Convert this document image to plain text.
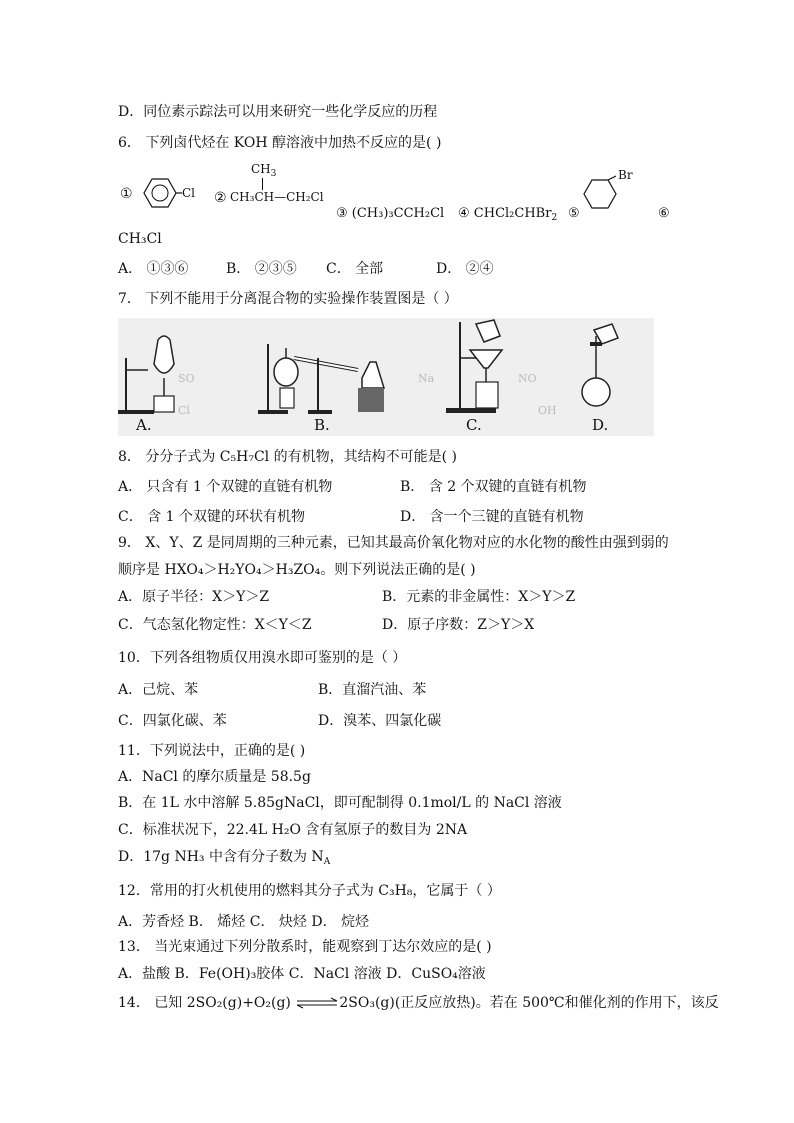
D．同位素示踪法可以用来研究一些化学反应的历程
6． 下列卤代烃在 KOH 醇溶液中加热不反应的是( )
①	Cl ②
$CH_3$
CH₃CH—CH₂Cl
③ (CH₃)₃CCH₂Cl ④ CHCl₂CHBr$_2$ ⑤
Br
⑥
CH₃Cl
A． ①③⑥	B． ②③⑤ C． 全部	D． ②④
7． 下列不能用于分离混合物的实验操作装置图是（ ）
A.	B.	C.	D.
SO	Na	NO
Cl	OH
8． 分分子式为 C₅H₇Cl 的有机物，其结构不可能是( )
A． 只含有 1 个双键的直链有机物	B． 含 2 个双键的直链有机物
C． 含 1 个双键的环状有机物	D． 含一个三键的直链有机物
9． X、Y、Z 是同周期的三种元素，已知其最高价氧化物对应的水化物的酸性由强到弱的
顺序是 HXO₄＞H₂YO₄＞H₃ZO₄。则下列说法正确的是( )
A．原子半径：X＞Y＞Z	B．元素的非金属性：X＞Y＞Z
C．气态氢化物定性：X＜Y＜Z	D．原子序数：Z＞Y＞X
10．下列各组物质仅用溴水即可鉴别的是（ ）
A．己烷、苯	B．直溜汽油、苯
C．四氯化碳、苯	D．溴苯、四氯化碳
11．下列说法中，正确的是( )
A．NaCl 的摩尔质量是 58.5g
B．在 1L 水中溶解 5.85gNaCl，即可配制得 0.1mol/L 的 NaCl 溶液
C．标准状况下，22.4L H₂O 含有氢原子的数目为 2NA
D．17g NH₃ 中含有分子数为 $N_A$
12．常用的打火机使用的燃料其分子式为 C₃H₈，它属于（ ）
A．芳香烃 B． 烯烃 C． 炔烃 D． 烷烃
13． 当光束通过下列分散系时，能观察到丁达尔效应的是( )
A．盐酸 B．Fe(OH)₃胶体 C．NaCl 溶液 D．CuSO₄溶液
14． 已知 2SO₂(g)+O₂(g) ⇌2SO₃(g)(正反应放热)。若在 500℃和催化剂的作用下，该反
